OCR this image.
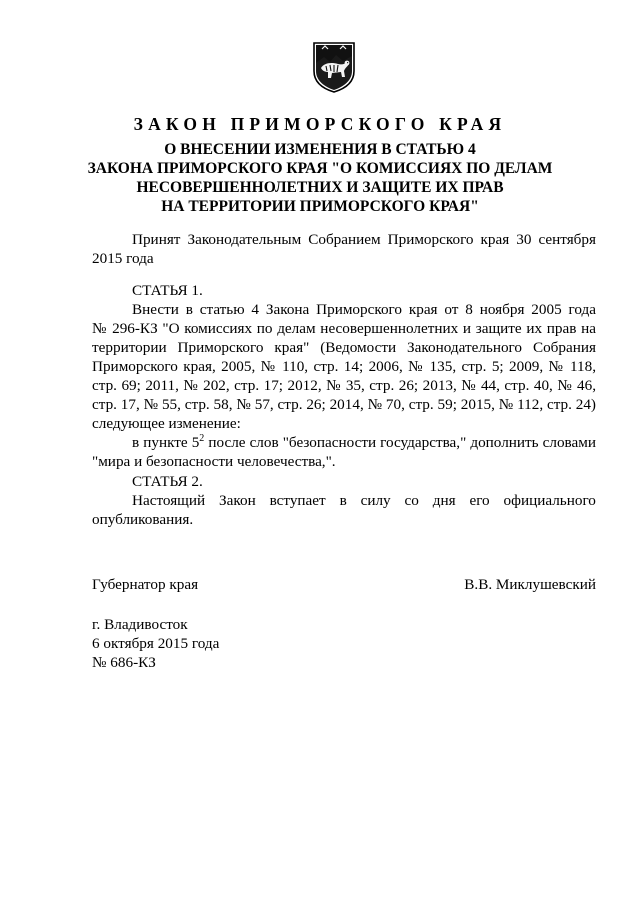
ЗАКОН ПРИМОРСКОГО КРАЯ
О ВНЕСЕНИИ ИЗМЕНЕНИЯ В СТАТЬЮ 4
ЗАКОНА ПРИМОРСКОГО КРАЯ "О КОМИССИЯХ ПО ДЕЛАМ
НЕСОВЕРШЕННОЛЕТНИХ И ЗАЩИТЕ ИХ ПРАВ
НА ТЕРРИТОРИИ ПРИМОРСКОГО КРАЯ"
Принят Законодательным Собранием Приморского края 30 сентября
2015 года
СТАТЬЯ 1.
Внести в статью 4 Закона Приморского края от 8 ноября 2005 года
№ 296-КЗ "О комиссиях по делам несовершеннолетних и защите их прав на
территории Приморского края" (Ведомости Законодательного Собрания
Приморского края, 2005, № 110, стр. 14; 2006, № 135, стр. 5; 2009, № 118,
стр. 69; 2011, № 202, стр. 17; 2012, № 35, стр. 26; 2013, № 44, стр. 40, № 46,
стр. 17, № 55, стр. 58, № 57, стр. 26; 2014, № 70, стр. 59; 2015, № 112, стр. 24)
следующее изменение:
в пункте $5^2$ после слов "безопасности государства," дополнить словами
"мира и безопасности человечества,".
СТАТЬЯ 2.
Настоящий Закон вступает в силу со дня его официального
опубликования.
Губернатор края	В.В. Миклушевский
г. Владивосток
6 октября 2015 года
№ 686-КЗ
